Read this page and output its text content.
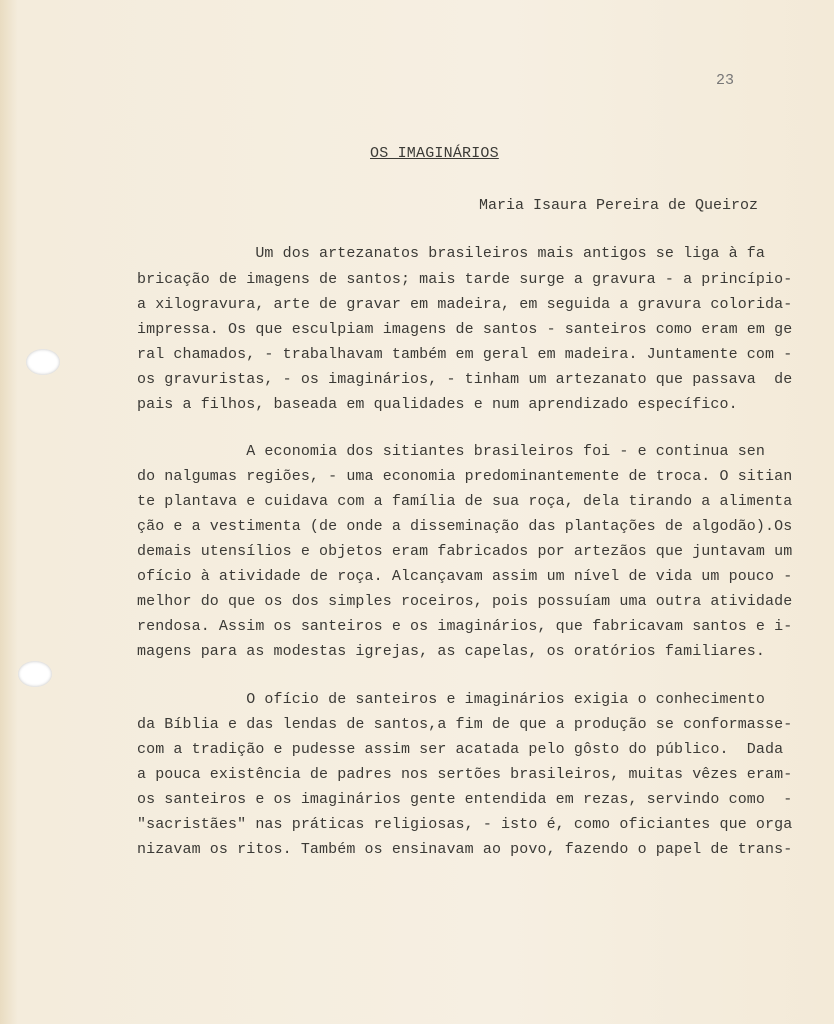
23
OS IMAGINÁRIOS
Maria Isaura Pereira de Queiroz
Um dos artezanatos brasileiros mais antigos se liga à fa
bricação de imagens de santos; mais tarde surge a gravura - a princípio-
a xilogravura, arte de gravar em madeira, em seguida a gravura colorida-
impressa. Os que esculpiam imagens de santos - santeiros como eram em ge
ral chamados, - trabalhavam também em geral em madeira. Juntamente com -
os gravuristas, - os imaginários, - tinham um artezanato que passava  de
pais a filhos, baseada em qualidades e num aprendizado específico.
A economia dos sitiantes brasileiros foi - e continua sen
do nalgumas regiões, - uma economia predominantemente de troca. O sitian
te plantava e cuidava com a família de sua roça, dela tirando a alimenta
ção e a vestimenta (de onde a disseminação das plantações de algodão).Os
demais utensílios e objetos eram fabricados por artezãos que juntavam um
ofício à atividade de roça. Alcançavam assim um nível de vida um pouco -
melhor do que os dos simples roceiros, pois possuíam uma outra atividade
rendosa. Assim os santeiros e os imaginários, que fabricavam santos e i-
magens para as modestas igrejas, as capelas, os oratórios familiares.
O ofício de santeiros e imaginários exigia o conhecimento
da Bíblia e das lendas de santos,a fim de que a produção se conformasse-
com a tradição e pudesse assim ser acatada pelo gôsto do público.  Dada
a pouca existência de padres nos sertões brasileiros, muitas vêzes eram-
os santeiros e os imaginários gente entendida em rezas, servindo como  -
"sacristães" nas práticas religiosas, - isto é, como oficiantes que orga
nizavam os ritos. Também os ensinavam ao povo, fazendo o papel de trans-
